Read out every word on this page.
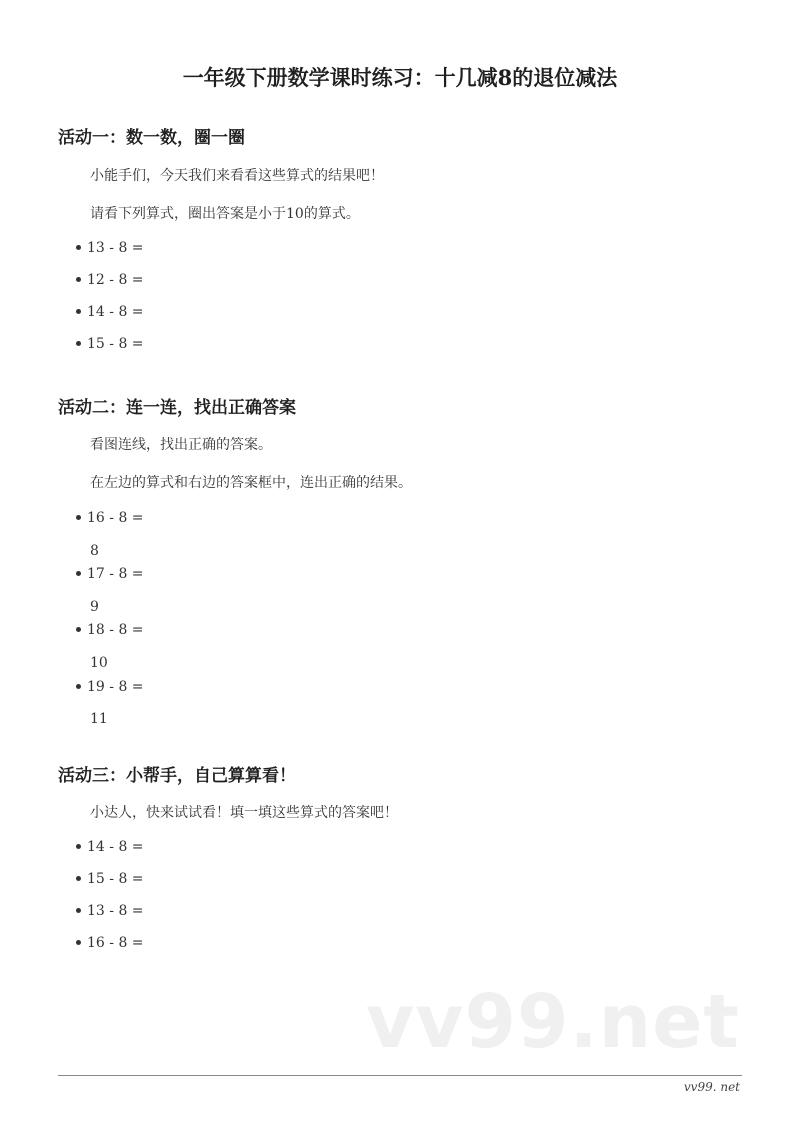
一年级下册数学课时练习：十几减8的退位减法
活动一：数一数，圈一圈

小能手们，今天我们来看看这些算式的结果吧！

请看下列算式，圈出答案是小于10的算式。

13 - 8 =
12 - 8 =
14 - 8 =
15 - 8 =
活动二：连一连，找出正确答案

看图连线，找出正确的答案。

在左边的算式和右边的答案框中，连出正确的结果。

16 - 8 =
8
17 - 8 =
9
18 - 8 =
10
19 - 8 =
11
活动三：小帮手，自己算算看！

小达人，快来试试看！填一填这些算式的答案吧！

14 - 8 =
15 - 8 =
13 - 8 =
16 - 8 =
vv99.net
vv99. net
